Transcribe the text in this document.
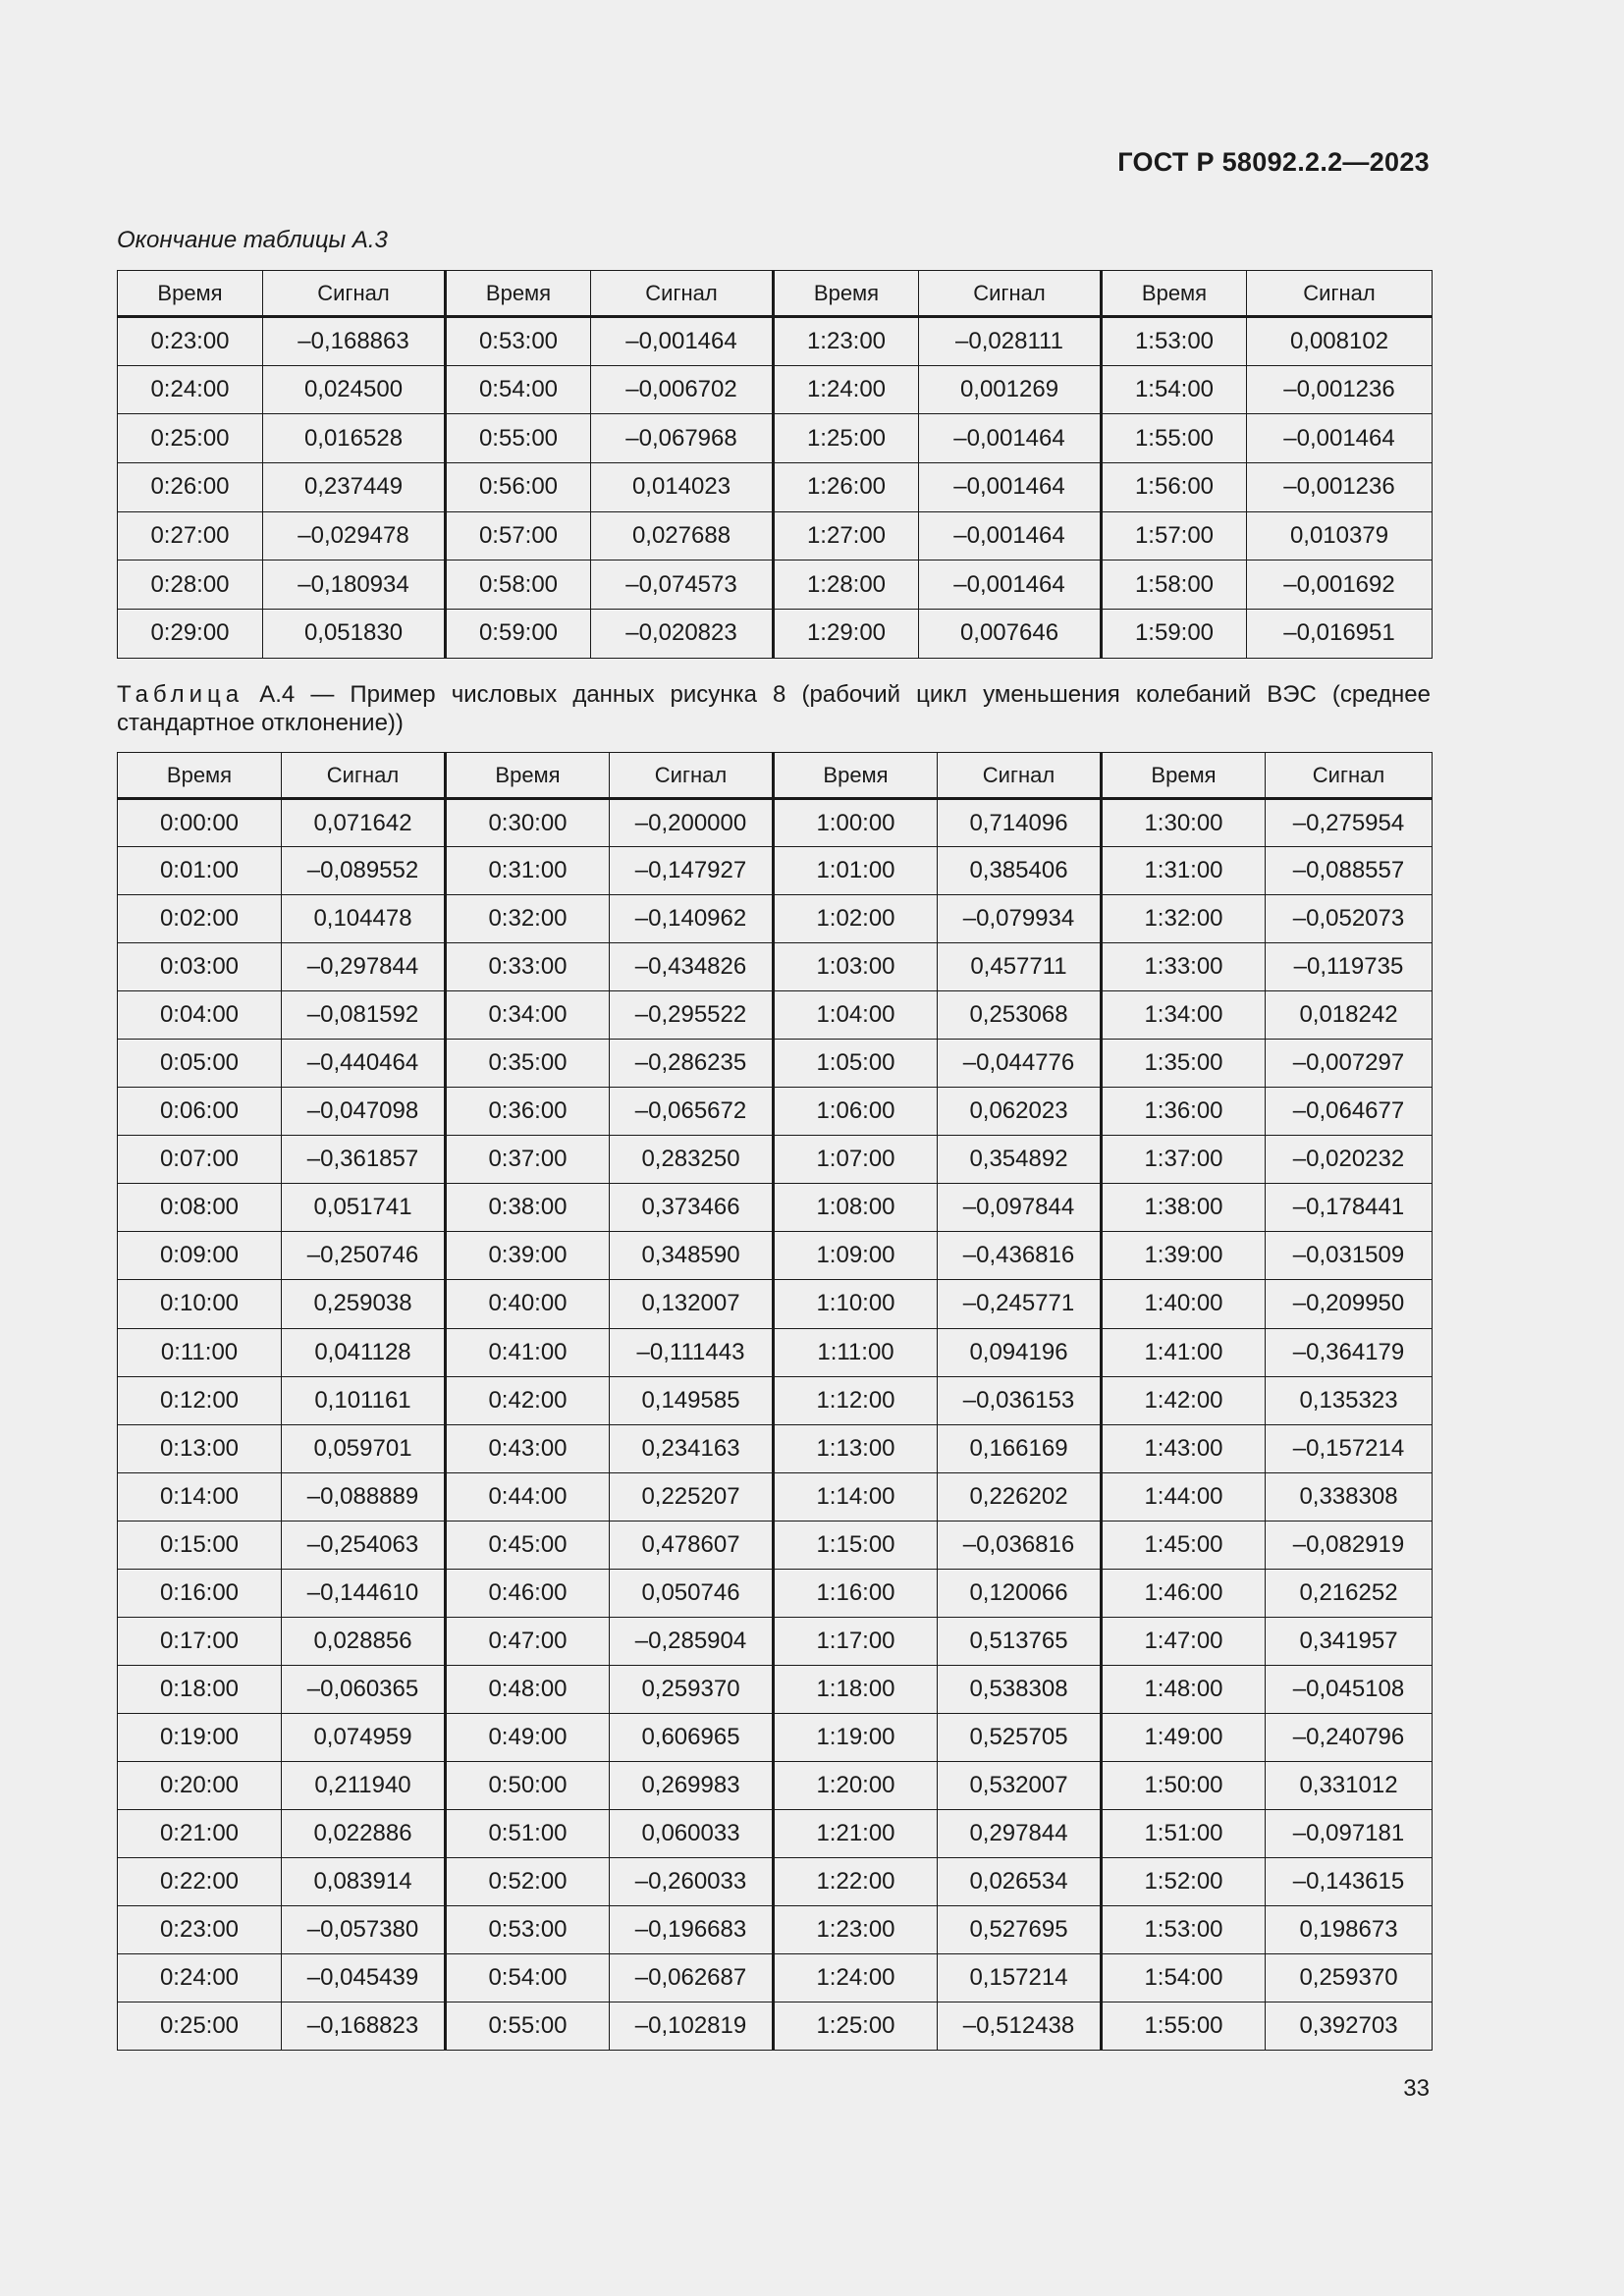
ГОСТ Р 58092.2.2—2023
Окончание таблицы А.3
Время	Сигнал	Время	Сигнал	Время	Сигнал	Время	Сигнал
0:23:00	–0,168863	0:53:00	–0,001464	1:23:00	–0,028111	1:53:00	0,008102
0:24:00	0,024500	0:54:00	–0,006702	1:24:00	0,001269	1:54:00	–0,001236
0:25:00	0,016528	0:55:00	–0,067968	1:25:00	–0,001464	1:55:00	–0,001464
0:26:00	0,237449	0:56:00	0,014023	1:26:00	–0,001464	1:56:00	–0,001236
0:27:00	–0,029478	0:57:00	0,027688	1:27:00	–0,001464	1:57:00	0,010379
0:28:00	–0,180934	0:58:00	–0,074573	1:28:00	–0,001464	1:58:00	–0,001692
0:29:00	0,051830	0:59:00	–0,020823	1:29:00	0,007646	1:59:00	–0,016951
Таблица А.4 — Пример числовых данных рисунка 8 (рабочий цикл уменьшения колебаний ВЭС (среднее стандартное отклонение))
Время	Сигнал	Время	Сигнал	Время	Сигнал	Время	Сигнал
0:00:00	0,071642	0:30:00	–0,200000	1:00:00	0,714096	1:30:00	–0,275954
0:01:00	–0,089552	0:31:00	–0,147927	1:01:00	0,385406	1:31:00	–0,088557
0:02:00	0,104478	0:32:00	–0,140962	1:02:00	–0,079934	1:32:00	–0,052073
0:03:00	–0,297844	0:33:00	–0,434826	1:03:00	0,457711	1:33:00	–0,119735
0:04:00	–0,081592	0:34:00	–0,295522	1:04:00	0,253068	1:34:00	0,018242
0:05:00	–0,440464	0:35:00	–0,286235	1:05:00	–0,044776	1:35:00	–0,007297
0:06:00	–0,047098	0:36:00	–0,065672	1:06:00	0,062023	1:36:00	–0,064677
0:07:00	–0,361857	0:37:00	0,283250	1:07:00	0,354892	1:37:00	–0,020232
0:08:00	0,051741	0:38:00	0,373466	1:08:00	–0,097844	1:38:00	–0,178441
0:09:00	–0,250746	0:39:00	0,348590	1:09:00	–0,436816	1:39:00	–0,031509
0:10:00	0,259038	0:40:00	0,132007	1:10:00	–0,245771	1:40:00	–0,209950
0:11:00	0,041128	0:41:00	–0,111443	1:11:00	0,094196	1:41:00	–0,364179
0:12:00	0,101161	0:42:00	0,149585	1:12:00	–0,036153	1:42:00	0,135323
0:13:00	0,059701	0:43:00	0,234163	1:13:00	0,166169	1:43:00	–0,157214
0:14:00	–0,088889	0:44:00	0,225207	1:14:00	0,226202	1:44:00	0,338308
0:15:00	–0,254063	0:45:00	0,478607	1:15:00	–0,036816	1:45:00	–0,082919
0:16:00	–0,144610	0:46:00	0,050746	1:16:00	0,120066	1:46:00	0,216252
0:17:00	0,028856	0:47:00	–0,285904	1:17:00	0,513765	1:47:00	0,341957
0:18:00	–0,060365	0:48:00	0,259370	1:18:00	0,538308	1:48:00	–0,045108
0:19:00	0,074959	0:49:00	0,606965	1:19:00	0,525705	1:49:00	–0,240796
0:20:00	0,211940	0:50:00	0,269983	1:20:00	0,532007	1:50:00	0,331012
0:21:00	0,022886	0:51:00	0,060033	1:21:00	0,297844	1:51:00	–0,097181
0:22:00	0,083914	0:52:00	–0,260033	1:22:00	0,026534	1:52:00	–0,143615
0:23:00	–0,057380	0:53:00	–0,196683	1:23:00	0,527695	1:53:00	0,198673
0:24:00	–0,045439	0:54:00	–0,062687	1:24:00	0,157214	1:54:00	0,259370
0:25:00	–0,168823	0:55:00	–0,102819	1:25:00	–0,512438	1:55:00	0,392703
33
